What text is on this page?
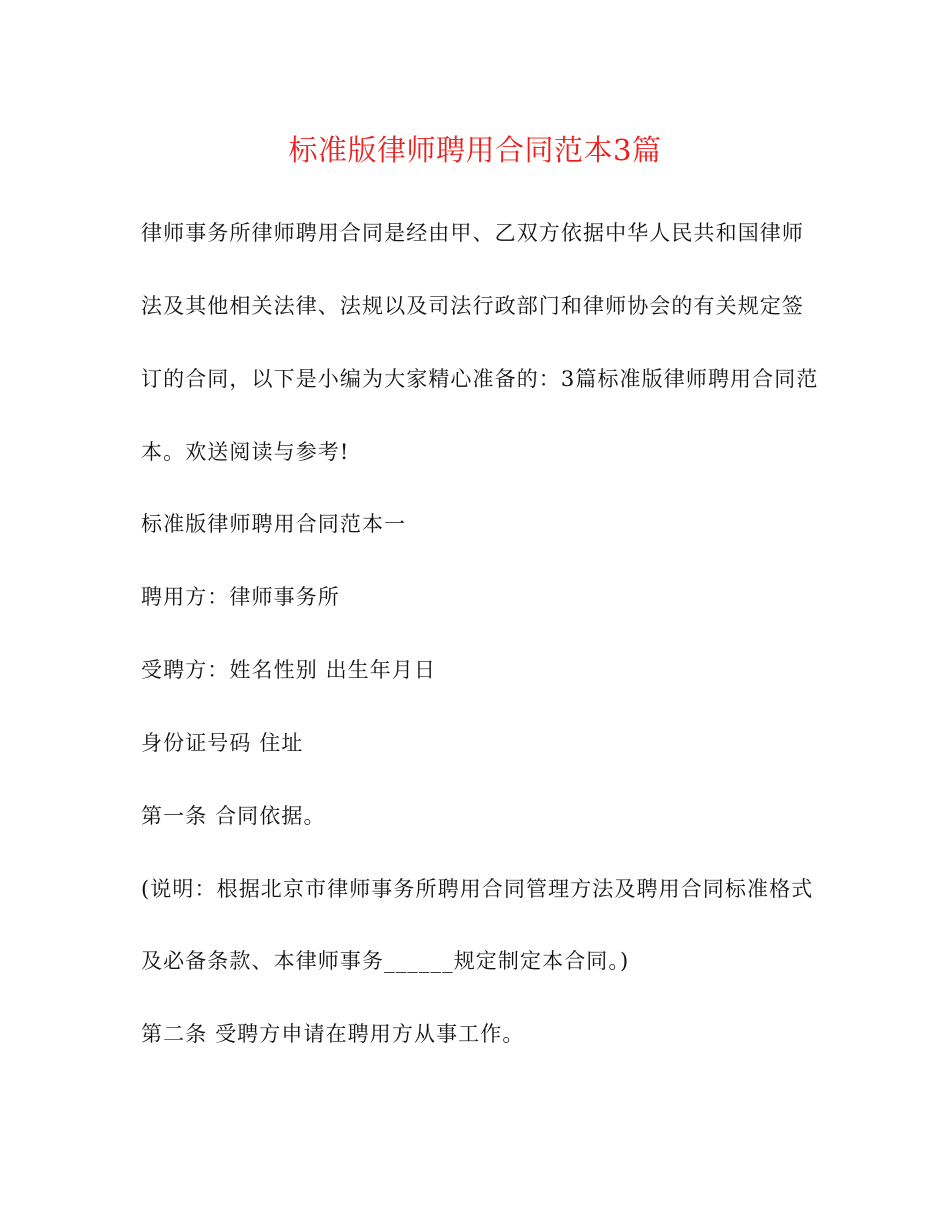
标准版律师聘用合同范本3篇

律师事务所律师聘用合同是经由甲、乙双方依据中华人民共和国律师

法及其他相关法律、法规以及司法行政部门和律师协会的有关规定签

订的合同，以下是小编为大家精心准备的：3篇标准版律师聘用合同范

本。欢送阅读与参考!

标准版律师聘用合同范本一

聘用方：律师事务所

受聘方：姓名性别 出生年月日

身份证号码 住址

第一条 合同依据。

(说明：根据北京市律师事务所聘用合同管理方法及聘用合同标准格式

及必备条款、本律师事务______规定制定本合同。)

第二条 受聘方申请在聘用方从事工作。
